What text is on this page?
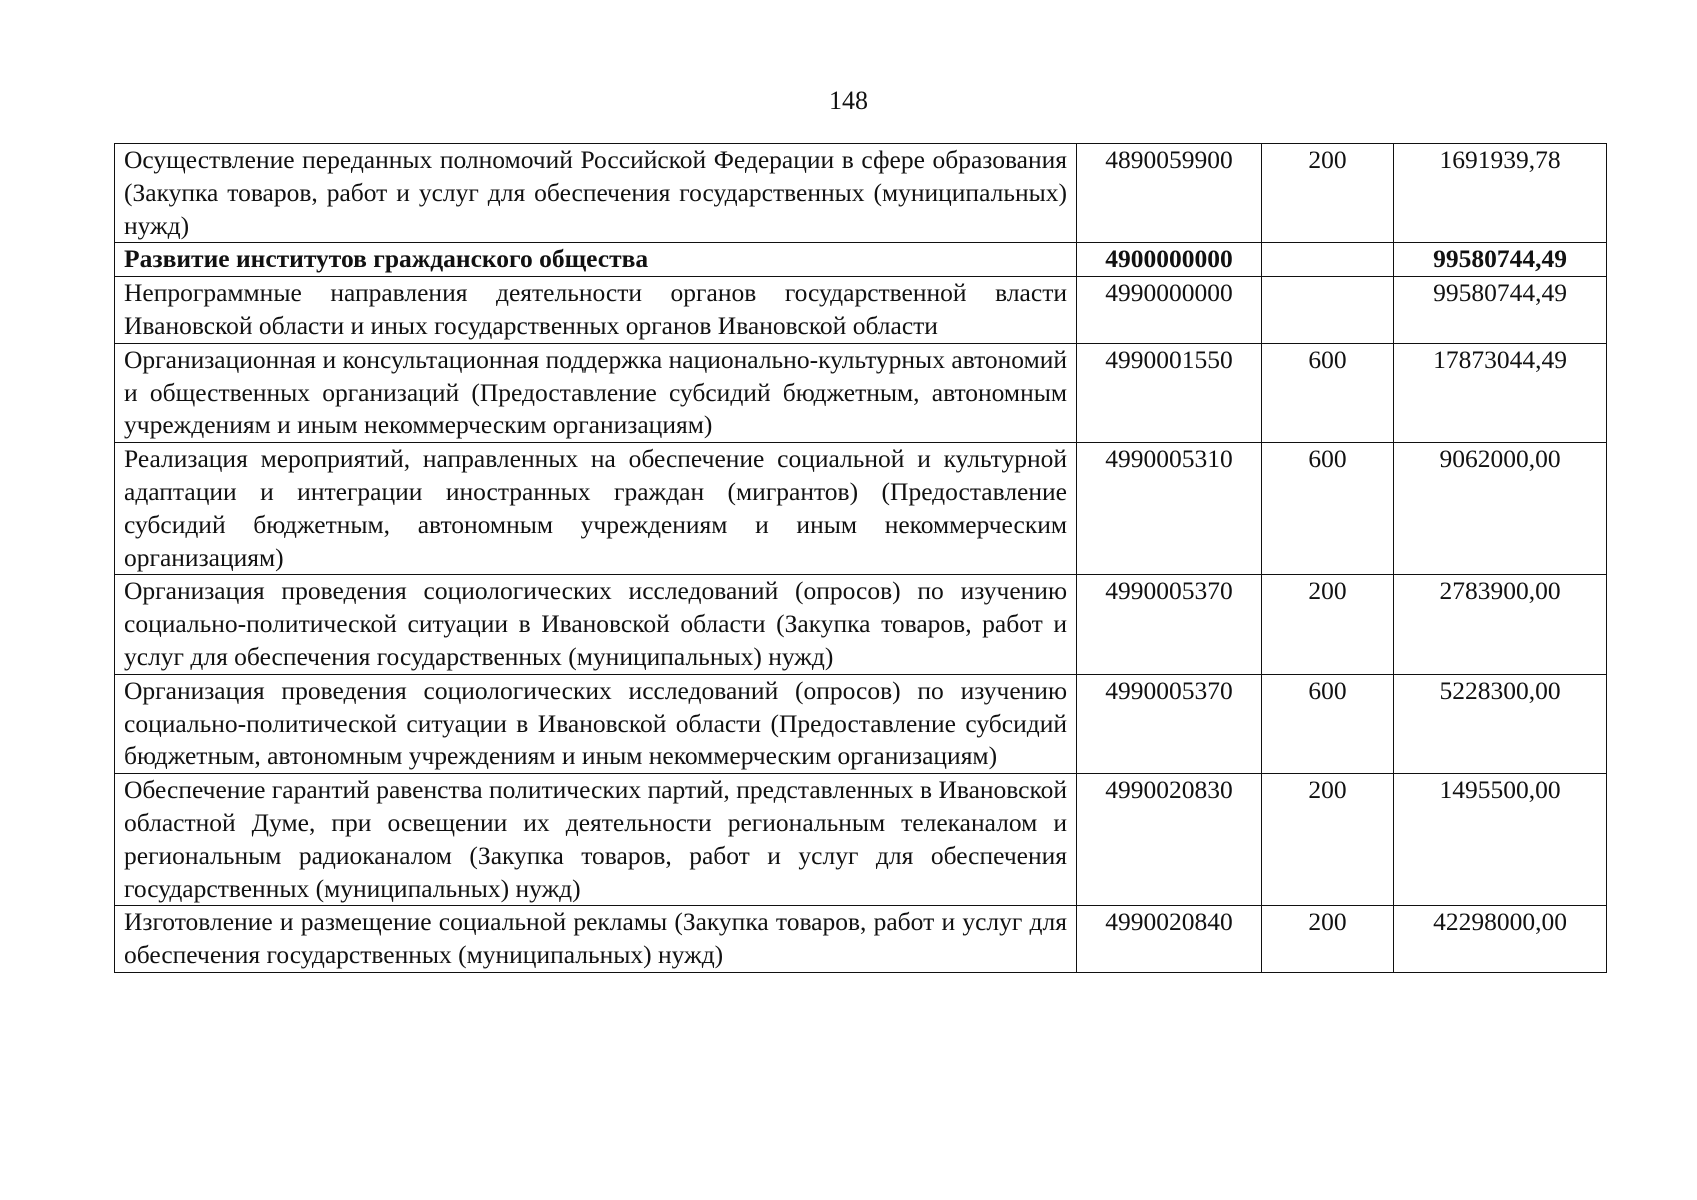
148
Осуществление переданных полномочий Российской Федерации в сфере образования (Закупка товаров, работ и услуг для обеспечения государственных (муниципальных) нужд)	4890059900	200	1691939,78
Развитие институтов гражданского общества	4900000000		99580744,49
Непрограммные направления деятельности органов государственной власти Ивановской области и иных государственных органов Ивановской области	4990000000		99580744,49
Организационная и консультационная поддержка национально-культурных автономий и общественных организаций (Предоставление субсидий бюджетным, автономным учреждениям и иным некоммерческим организациям)	4990001550	600	17873044,49
Реализация мероприятий, направленных на обеспечение социальной и культурной адаптации и интеграции иностранных граждан (мигрантов) (Предоставление субсидий бюджетным, автономным учреждениям и иным некоммерческим организациям)	4990005310	600	9062000,00
Организация проведения социологических исследований (опросов) по изучению социально-политической ситуации в Ивановской области (Закупка товаров, работ и услуг для обеспечения государственных (муниципальных) нужд)	4990005370	200	2783900,00
Организация проведения социологических исследований (опросов) по изучению социально-политической ситуации в Ивановской области (Предоставление субсидий бюджетным, автономным учреждениям и иным некоммерческим организациям)	4990005370	600	5228300,00
Обеспечение гарантий равенства политических партий, представленных в Ивановской областной Думе, при освещении их деятельности региональным телеканалом и региональным радиоканалом (Закупка товаров, работ и услуг для обеспечения государственных (муниципальных) нужд)	4990020830	200	1495500,00
Изготовление и размещение социальной рекламы (Закупка товаров, работ и услуг для обеспечения государственных (муниципальных) нужд)	4990020840	200	42298000,00
